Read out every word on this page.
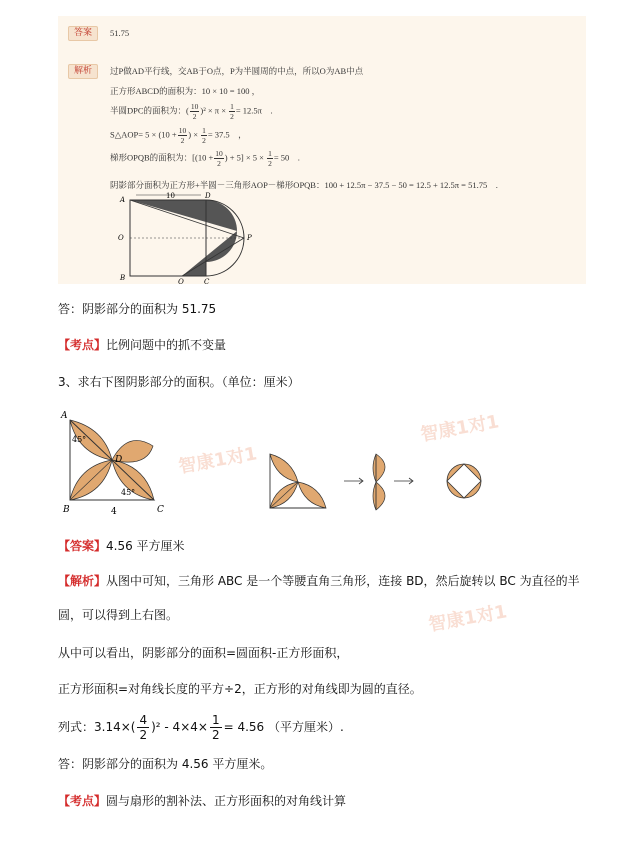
答案	51.75
解析	过P做AD平行线，交AB于O点，P为半圆周的中点，所以O为AB中点
正方形ABCD的面积为：10 × 10 = 100 ，
半圆DPC的面积为：( $\frac{10}{2} )^2 \times \pi \times \frac{1}{2} = 12.5\pi$　.
S△AOP= $5 \times (10 + \frac{10}{2}$ ) × $\frac{1}{2} = 37.5$　，
梯形OPQB的面积为：[($10 + \frac{10}{2}$ ) + $5] \times 5 \times \frac{1}{2} = 50$　.
阴影部分面积为正方形+半圆－三角形AOP－梯形OPQB：100 + 12.5π − 37.5 − 50 = 12.5 + 12.5π = 51.75　.
10
A	D
O	P
B	Q	C
答：阴影部分的面积为 51.75
【考点】比例问题中的抓不变量
3、求右下图阴影部分的面积。（单位：厘米）
A
45°
D
45°
B	C
4
智康1对1
智康1对1
智康1对1
【答案】4.56 平方厘米
【解析】从图中可知，三角形 ABC 是一个等腰直角三角形，连接 BD，然后旋转以 BC 为直径的半
圆，可以得到上右图。
从中可以看出，阴影部分的面积=圆面积-正方形面积，
正方形面积=对角线长度的平方÷2，正方形的对角线即为圆的直径。
列式：$3.14\times( \frac{4}{2} )^2 - 4\times 4\times \frac{1}{2} = 4.56$ （平方厘米）.
答：阴影部分的面积为 4.56 平方厘米。
【考点】圆与扇形的割补法、正方形面积的对角线计算
